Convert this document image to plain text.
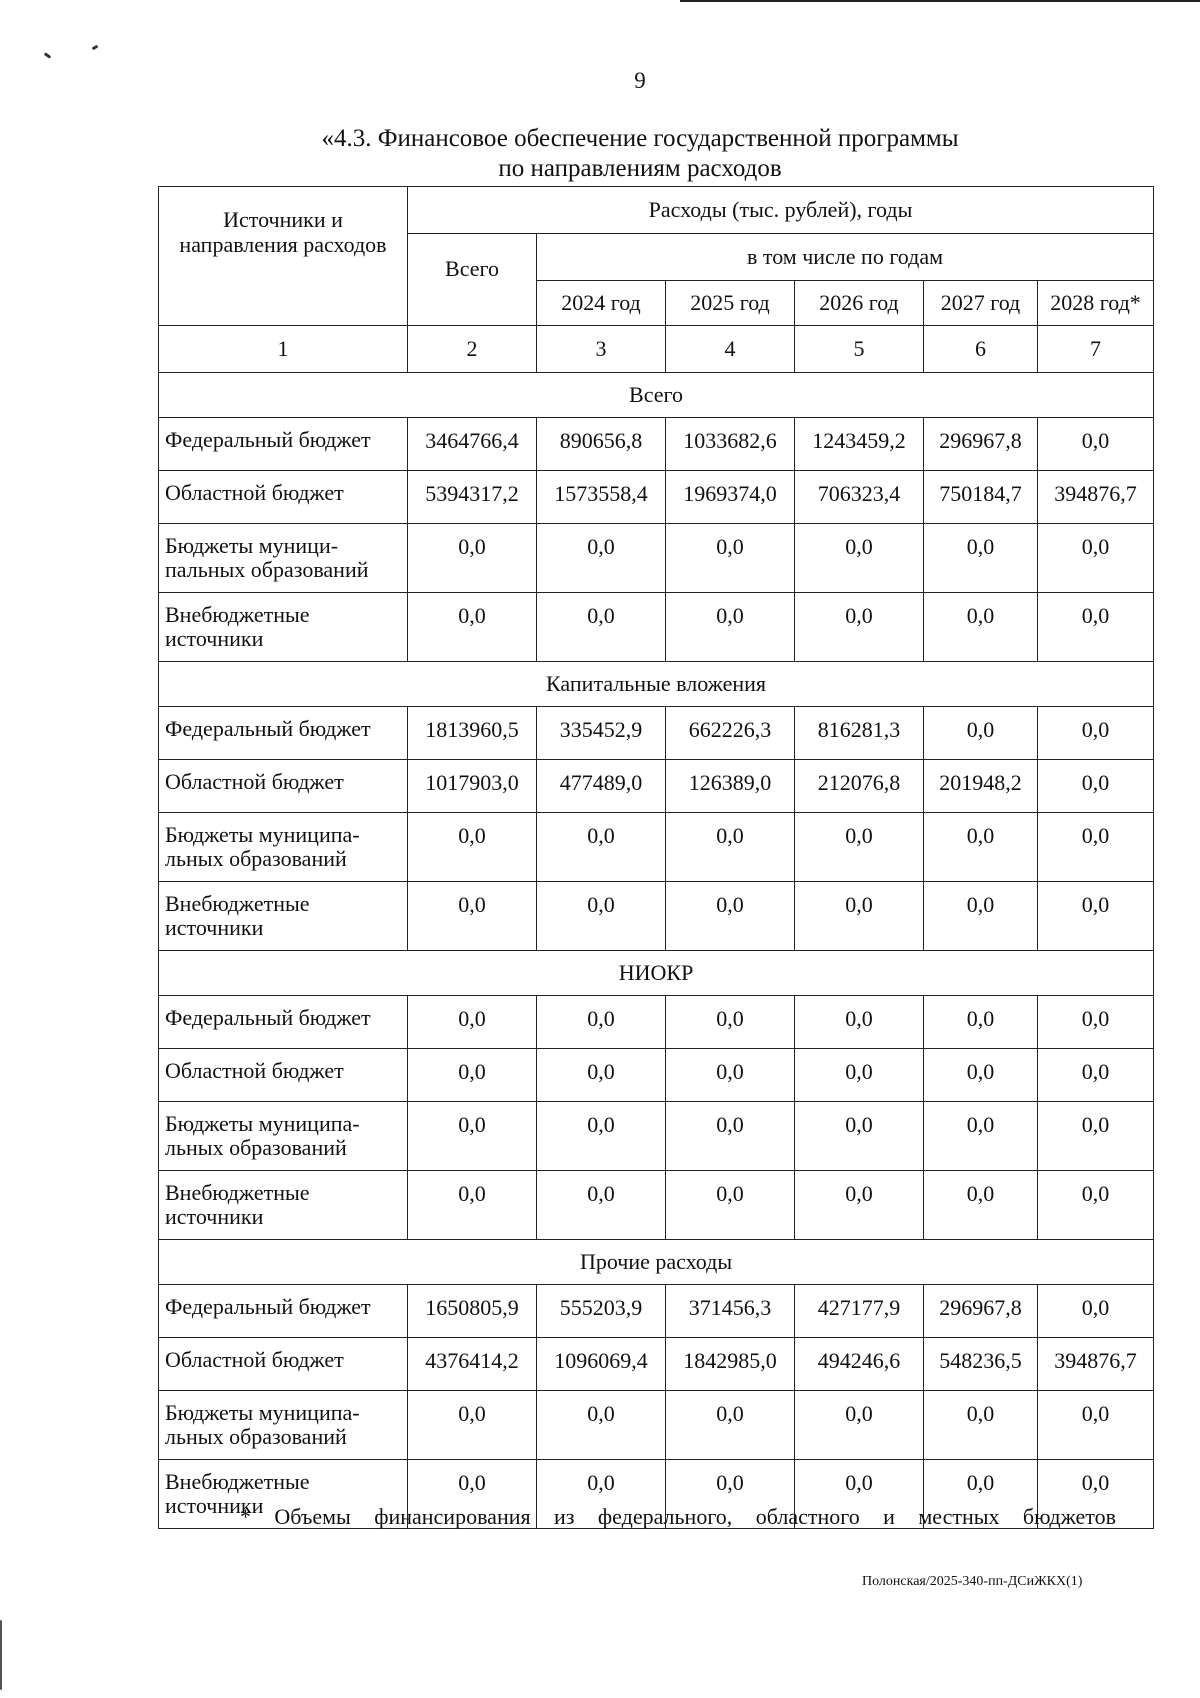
9
«4.3. Финансовое обеспечение государственной программы
по направлениям расходов
Источники и направления расходов	Расходы (тыс. рублей), годы					
	Всего	в том числе по годам				
		2024 год	2025 год	2026 год	2027 год	2028 год*
1	2	3	4	5	6	7
Всего						
Федеральный бюджет	3464766,4	890656,8	1033682,6	1243459,2	296967,8	0,0
Областной бюджет	5394317,2	1573558,4	1969374,0	706323,4	750184,7	394876,7
Бюджеты муници-пальных образований	0,0	0,0	0,0	0,0	0,0	0,0
Внебюджетные источники	0,0	0,0	0,0	0,0	0,0	0,0
Капитальные вложения						
Федеральный бюджет	1813960,5	335452,9	662226,3	816281,3	0,0	0,0
Областной бюджет	1017903,0	477489,0	126389,0	212076,8	201948,2	0,0
Бюджеты муниципа-льных образований	0,0	0,0	0,0	0,0	0,0	0,0
Внебюджетные источники	0,0	0,0	0,0	0,0	0,0	0,0
НИОКР						
Федеральный бюджет	0,0	0,0	0,0	0,0	0,0	0,0
Областной бюджет	0,0	0,0	0,0	0,0	0,0	0,0
Бюджеты муниципа-льных образований	0,0	0,0	0,0	0,0	0,0	0,0
Внебюджетные источники	0,0	0,0	0,0	0,0	0,0	0,0
Прочие расходы						
Федеральный бюджет	1650805,9	555203,9	371456,3	427177,9	296967,8	0,0
Областной бюджет	4376414,2	1096069,4	1842985,0	494246,6	548236,5	394876,7
Бюджеты муниципа-льных образований	0,0	0,0	0,0	0,0	0,0	0,0
Внебюджетные источники	0,0	0,0	0,0	0,0	0,0	0,0
* Объемы финансирования из федерального, областного и местных бюджетов
Полонская/2025-340-пп-ДСиЖКХ(1)
